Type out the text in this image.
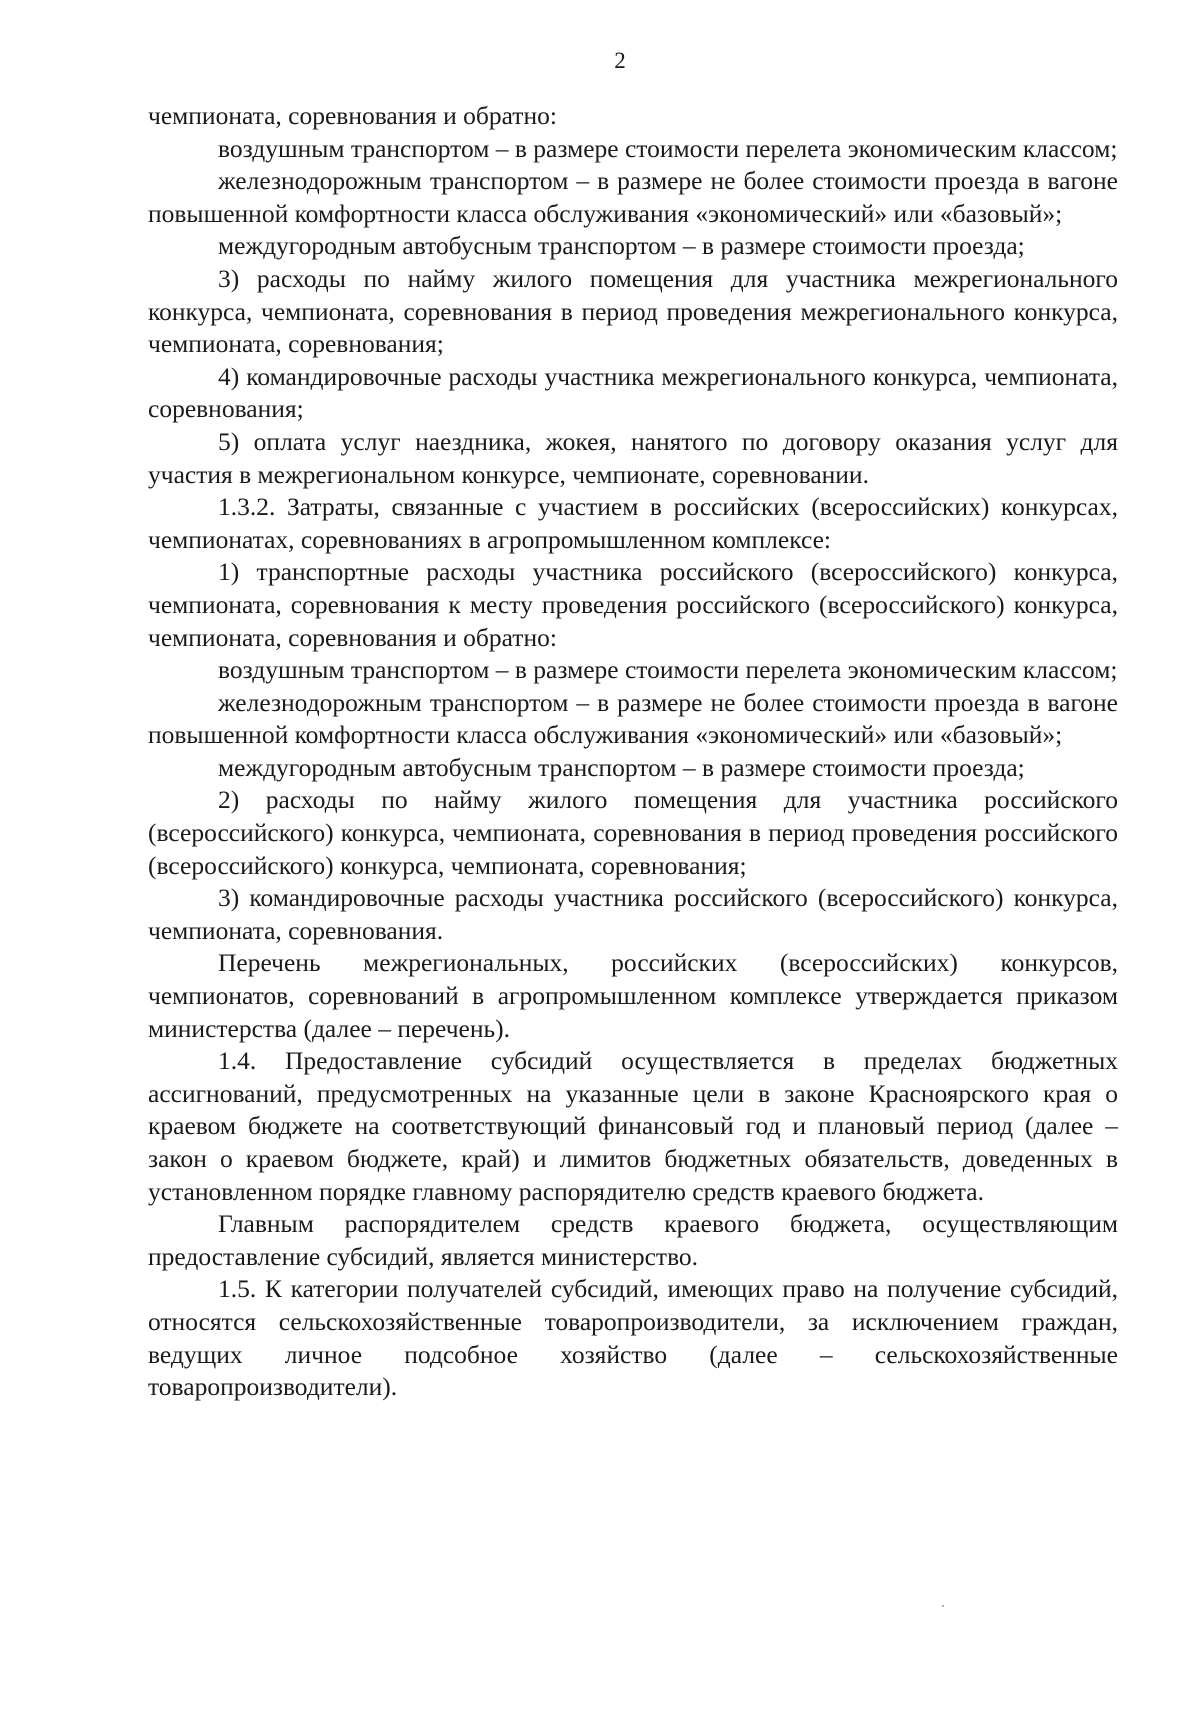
2

чемпионата, соревнования и обратно:

воздушным транспортом – в размере стоимости перелета экономическим классом;

железнодорожным транспортом – в размере не более стоимости проезда в вагоне повышенной комфортности класса обслуживания «экономический» или «базовый»;

междугородным автобусным транспортом – в размере стоимости проезда;

3) расходы по найму жилого помещения для участника межрегионального конкурса, чемпионата, соревнования в период проведения межрегионального конкурса, чемпионата, соревнования;

4) командировочные расходы участника межрегионального конкурса, чемпионата, соревнования;

5) оплата услуг наездника, жокея, нанятого по договору оказания услуг для участия в межрегиональном конкурсе, чемпионате, соревновании.

1.3.2. Затраты, связанные с участием в российских (всероссийских) конкурсах, чемпионатах, соревнованиях в агропромышленном комплексе:

1) транспортные расходы участника российского (всероссийского) конкурса, чемпионата, соревнования к месту проведения российского (всероссийского) конкурса, чемпионата, соревнования и обратно:

воздушным транспортом – в размере стоимости перелета экономическим классом;

железнодорожным транспортом – в размере не более стоимости проезда в вагоне повышенной комфортности класса обслуживания «экономический» или «базовый»;

междугородным автобусным транспортом – в размере стоимости проезда;

2) расходы по найму жилого помещения для участника российского (всероссийского) конкурса, чемпионата, соревнования в период проведения российского (всероссийского) конкурса, чемпионата, соревнования;

3) командировочные расходы участника российского (всероссийского) конкурса, чемпионата, соревнования.

Перечень межрегиональных, российских (всероссийских) конкурсов, чемпионатов, соревнований в агропромышленном комплексе утверждается приказом министерства (далее – перечень).

1.4. Предоставление субсидий осуществляется в пределах бюджетных ассигнований, предусмотренных на указанные цели в законе Красноярского края о краевом бюджете на соответствующий финансовый год и плановый период (далее – закон о краевом бюджете, край) и лимитов бюджетных обязательств, доведенных в установленном порядке главному распорядителю средств краевого бюджета.

Главным распорядителем средств краевого бюджета, осуществляющим предоставление субсидий, является министерство.

1.5. К категории получателей субсидий, имеющих право на получение субсидий, относятся сельскохозяйственные товаропроизводители, за исключением граждан, ведущих личное подсобное хозяйство (далее – сельскохозяйственные товаропроизводители).
